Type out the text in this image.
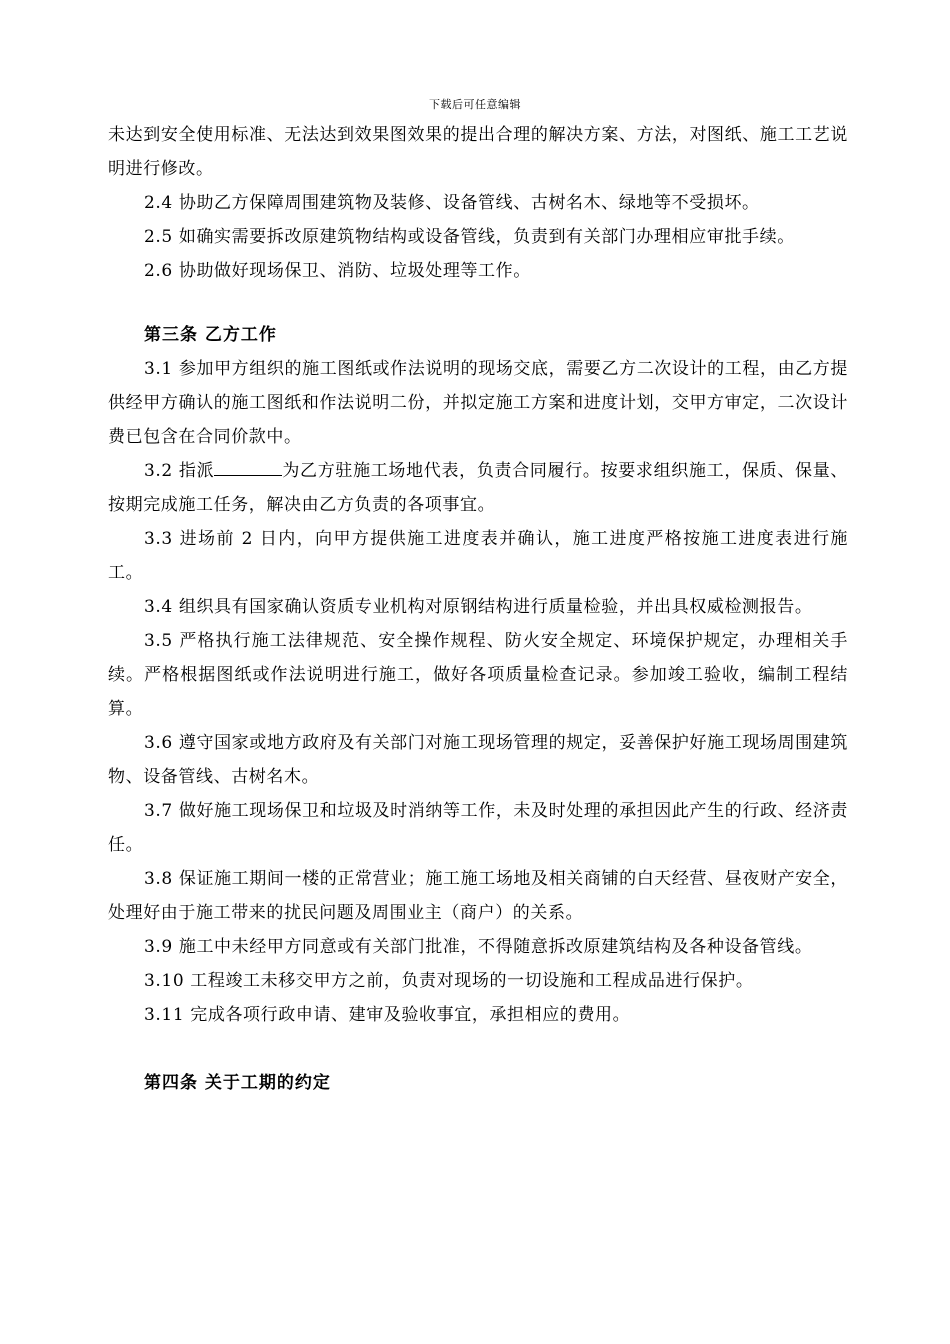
下载后可任意编辑

未达到安全使用标准、无法达到效果图效果的提出合理的解决方案、方法，对图纸、施工工艺说明进行修改。

2.4 协助乙方保障周围建筑物及装修、设备管线、古树名木、绿地等不受损坏。

2.5 如确实需要拆改原建筑物结构或设备管线，负责到有关部门办理相应审批手续。

2.6 协助做好现场保卫、消防、垃圾处理等工作。

第三条 乙方工作

3.1 参加甲方组织的施工图纸或作法说明的现场交底，需要乙方二次设计的工程，由乙方提供经甲方确认的施工图纸和作法说明二份，并拟定施工方案和进度计划，交甲方审定，二次设计费已包含在合同价款中。

3.2 指派	为乙方驻施工场地代表，负责合同履行。按要求组织施工，保质、保量、按期完成施工任务，解决由乙方负责的各项事宜。

3.3 进场前 2 日内，向甲方提供施工进度表并确认，施工进度严格按施工进度表进行施工。

3.4 组织具有国家确认资质专业机构对原钢结构进行质量检验，并出具权威检测报告。

3.5 严格执行施工法律规范、安全操作规程、防火安全规定、环境保护规定，办理相关手续。严格根据图纸或作法说明进行施工，做好各项质量检查记录。参加竣工验收，编制工程结算。

3.6 遵守国家或地方政府及有关部门对施工现场管理的规定，妥善保护好施工现场周围建筑物、设备管线、古树名木。

3.7 做好施工现场保卫和垃圾及时消纳等工作，未及时处理的承担因此产生的行政、经济责任。

3.8 保证施工期间一楼的正常营业；施工施工场地及相关商铺的白天经营、昼夜财产安全，处理好由于施工带来的扰民问题及周围业主（商户）的关系。

3.9 施工中未经甲方同意或有关部门批准，不得随意拆改原建筑结构及各种设备管线。

3.10 工程竣工未移交甲方之前，负责对现场的一切设施和工程成品进行保护。

3.11 完成各项行政申请、建审及验收事宜，承担相应的费用。

第四条 关于工期的约定
